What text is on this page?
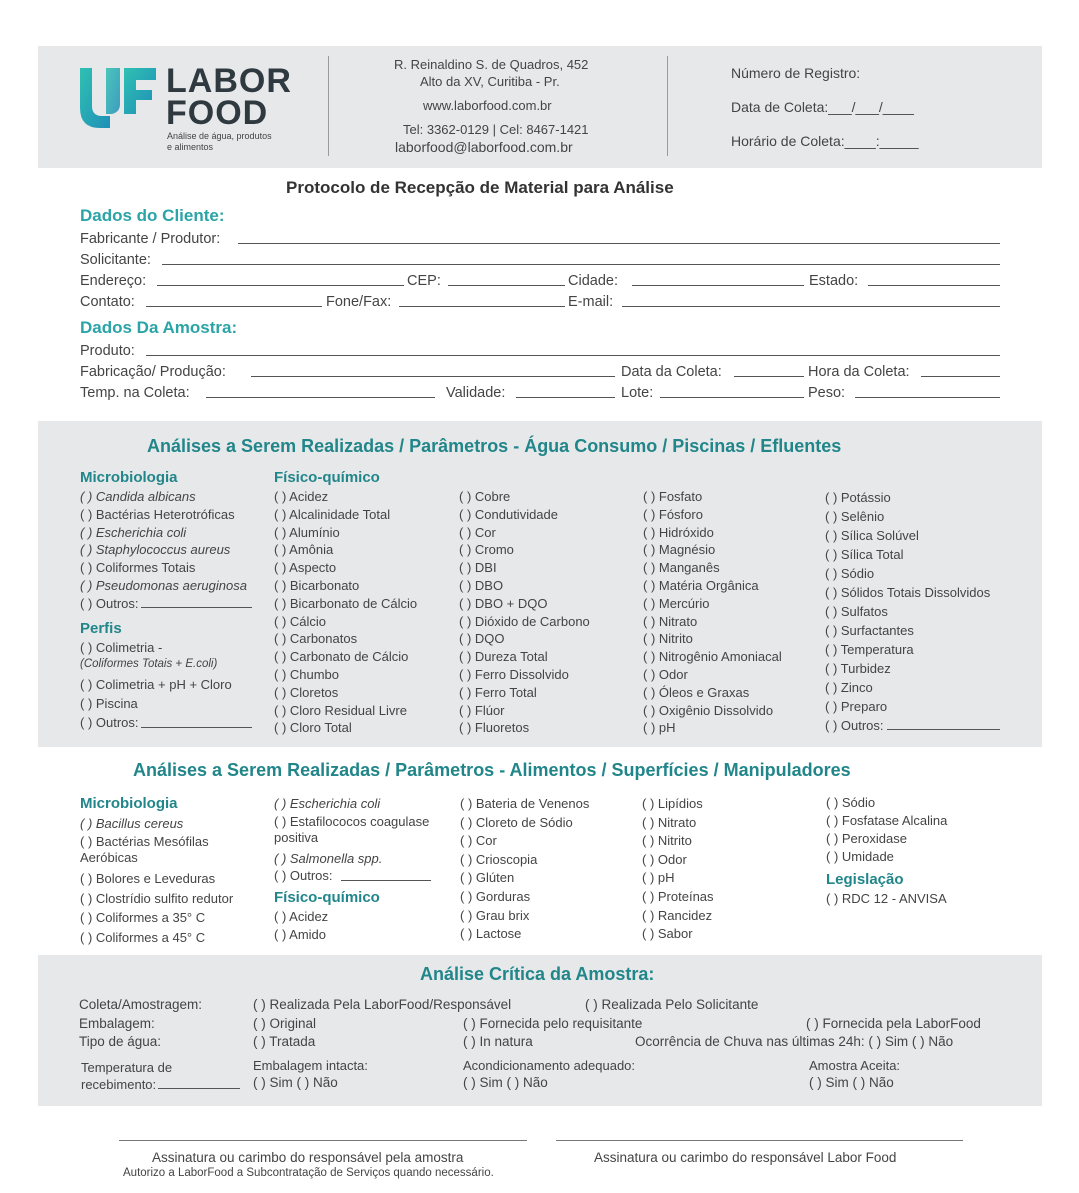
LABOR
FOOD
Análise de água, produtos
e alimentos
R. Reinaldino S. de Quadros, 452
Alto da XV, Curitiba - Pr.
www.laborfood.com.br
Tel: 3362-0129 | Cel: 8467-1421
laborfood@laborfood.com.br
Número de Registro:
Data de Coleta:___/___/____
Horário de Coleta:____:_____
Protocolo de Recepção de Material para Análise
Dados do Cliente:
Fabricante / Produtor:
Solicitante:
Endereço:	CEP:	Cidade:	Estado:
Contato:	Fone/Fax:	E-mail:
Dados Da Amostra:
Produto:
Fabricação/ Produção:	Data da Coleta:	Hora da Coleta:
Temp. na Coleta:	Validade:	Lote:	Peso:
Análises a Serem Realizadas / Parâmetros - Água Consumo / Piscinas / Efluentes
Microbiologia
( ) Candida albicans
( ) Bactérias Heterotróficas
( ) Escherichia coli
( ) Staphylococcus aureus
( ) Coliformes Totais
( ) Pseudomonas aeruginosa
( ) Outros:
Perfis
( ) Colimetria -
(Coliformes Totais + E.coli)
( ) Colimetria + pH + Cloro
( ) Piscina
( ) Outros:
Físico-químico
( ) Acidez
( ) Alcalinidade Total
( ) Alumínio
( ) Amônia
( ) Aspecto
( ) Bicarbonato
( ) Bicarbonato de Cálcio
( ) Cálcio
( ) Carbonatos
( ) Carbonato de Cálcio
( ) Chumbo
( ) Cloretos
( ) Cloro Residual Livre
( ) Cloro Total
( ) Cobre
( ) Condutividade
( ) Cor
( ) Cromo
( ) DBI
( ) DBO
( ) DBO + DQO
( ) Dióxido de Carbono
( ) DQO
( ) Dureza Total
( ) Ferro Dissolvido
( ) Ferro Total
( ) Flúor
( ) Fluoretos
( ) Fosfato
( ) Fósforo
( ) Hidróxido
( ) Magnésio
( ) Manganês
( ) Matéria Orgânica
( ) Mercúrio
( ) Nitrato
( ) Nitrito
( ) Nitrogênio Amoniacal
( ) Odor
( ) Óleos e Graxas
( ) Oxigênio Dissolvido
( ) pH
( ) Potássio
( ) Selênio
( ) Sílica Solúvel
( ) Sílica Total
( ) Sódio
( ) Sólidos Totais Dissolvidos
( ) Sulfatos
( ) Surfactantes
( ) Temperatura
( ) Turbidez
( ) Zinco
( ) Preparo
( ) Outros:
Análises a Serem Realizadas / Parâmetros - Alimentos / Superfícies / Manipuladores
Microbiologia
( ) Bacillus cereus
( ) Bactérias Mesófilas
Aeróbicas
( ) Bolores e Leveduras
( ) Clostrídio sulfito redutor
( ) Coliformes a 35° C
( ) Coliformes a 45° C
( ) Escherichia coli
( ) Estafilococos coagulase
positiva
( ) Salmonella spp.
( ) Outros:
Físico-químico
( ) Acidez
( ) Amido
( ) Bateria de Venenos
( ) Cloreto de Sódio
( ) Cor
( ) Crioscopia
( ) Glúten
( ) Gorduras
( ) Grau brix
( ) Lactose
( ) Lipídios
( ) Nitrato
( ) Nitrito
( ) Odor
( ) pH
( ) Proteínas
( ) Rancidez
( ) Sabor
( ) Sódio
( ) Fosfatase Alcalina
( ) Peroxidase
( ) Umidade
Legislação
( ) RDC 12 - ANVISA
Análise Crítica da Amostra:
Coleta/Amostragem:	( ) Realizada Pela LaborFood/Responsável	( ) Realizada Pelo Solicitante
Embalagem:	( ) Original	( ) Fornecida pelo requisitante	( ) Fornecida pela LaborFood
Tipo de água:	( ) Tratada	( ) In natura	Ocorrência de Chuva nas últimas 24h: ( ) Sim ( ) Não
Temperatura de
recebimento:
Embalagem intacta:
( ) Sim ( ) Não
Acondicionamento adequado:
( ) Sim ( ) Não
Amostra Aceita:
( ) Sim ( ) Não
Assinatura ou carimbo do responsável pela amostra
Autorizo a LaborFood a Subcontratação de Serviços quando necessário.
Assinatura ou carimbo do responsável Labor Food
